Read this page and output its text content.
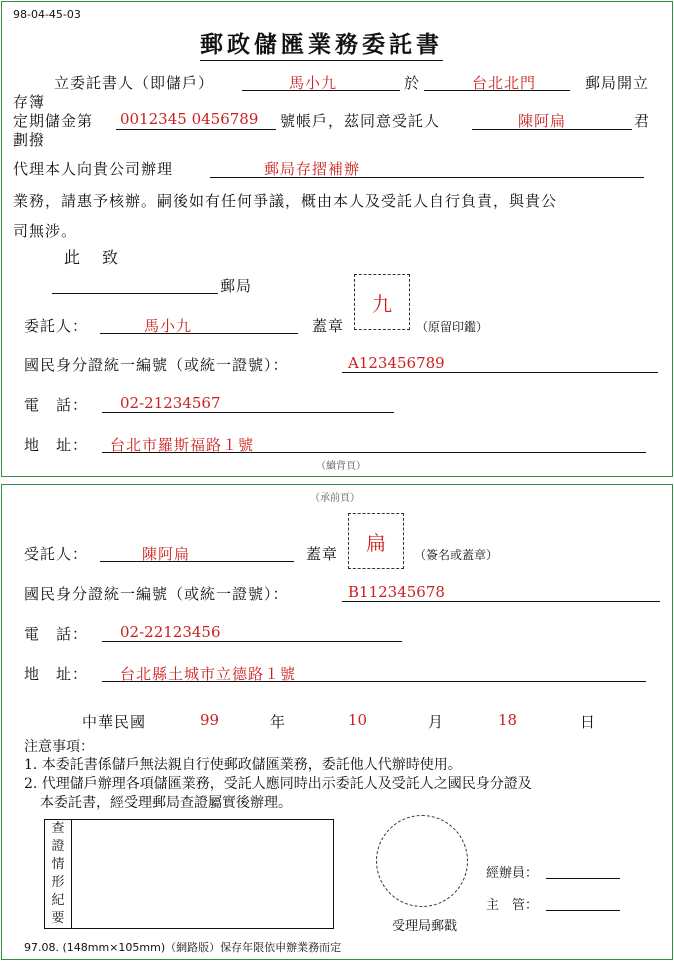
98-04-45-03
郵政儲匯業務委託書
立委託書人（即儲戶）	馬小九	於	台北北門	郵局開立
存簿
定期儲金第 0012345 0456789 號帳戶，茲同意受託人	陳阿扁	君
劃撥
代理本人向貴公司辦理	郵局存摺補辦
業務，請惠予核辦。嗣後如有任何爭議，概由本人及受託人自行負責，與貴公
司無涉。
此　致
郵局
委託人：	馬小九	蓋章
九
（原留印鑑）
國民身分證統一編號（或統一證號）：	A123456789
電　話： 02-21234567
地　址： 台北市羅斯福路１號
（續背頁）
（承前頁）
受託人：	陳阿扁	蓋章 扁
（簽名或蓋章）
國民身分證統一編號（或統一證號）：	B112345678
電　話： 02-22123456
地　址： 台北縣土城市立德路１號
中華民國	99	年	10	月	18	日
注意事項：
1. 本委託書係儲戶無法親自行使郵政儲匯業務，委託他人代辦時使用。
2. 代理儲戶辦理各項儲匯業務，受託人應同時出示委託人及受託人之國民身分證及
本委託書，經受理郵局查證屬實後辦理。
查
證
情
形
紀
要
受理局郵戳
經辦員：
主　管：
97.08. (148mm×105mm)（網路版）保存年限依申辦業務而定
